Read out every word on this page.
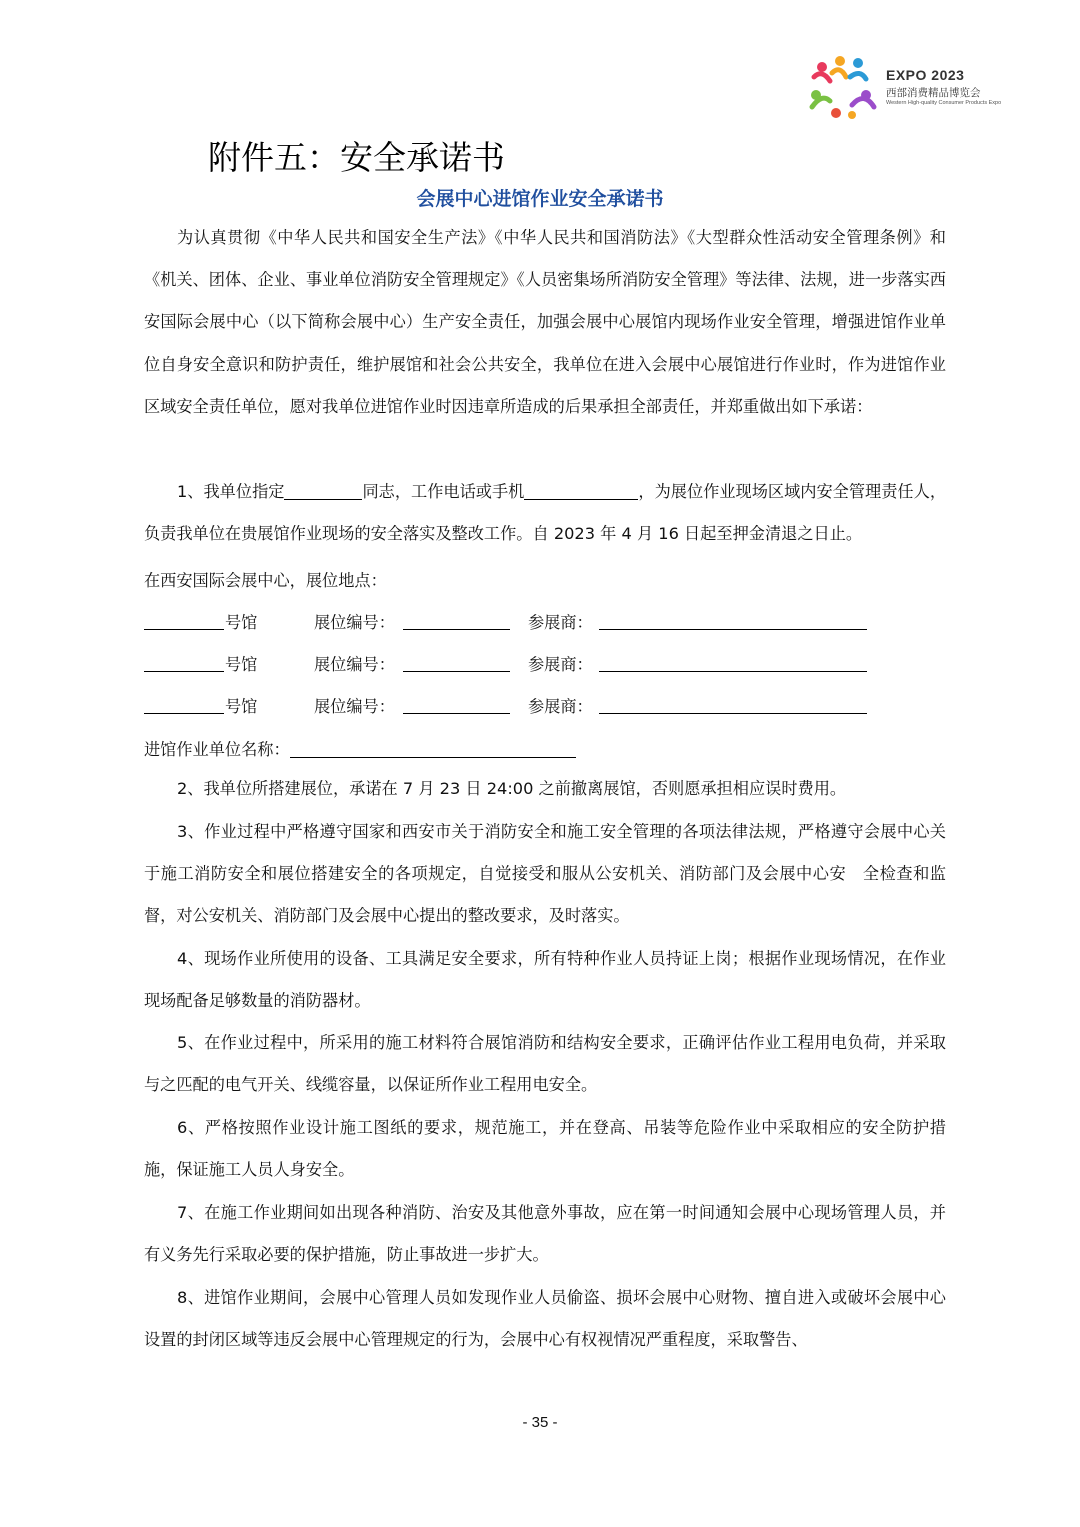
EXPO 2023
西部消费精品博览会
Western High-quality Consumer Products Expo
附件五：安全承诺书
会展中心进馆作业安全承诺书

为认真贯彻《中华人民共和国安全生产法》《中华人民共和国消防法》《大型群众性活动安全管理条例》和《机关、团体、企业、事业单位消防安全管理规定》《人员密集场所消防安全管理》等法律、法规，进一步落实西安国际会展中心（以下简称会展中心）生产安全责任，加强会展中心展馆内现场作业安全管理，增强进馆作业单位自身安全意识和防护责任，维护展馆和社会公共安全，我单位在进入会展中心展馆进行作业时，作为进馆作业区域安全责任单位，愿对我单位进馆作业时因违章所造成的后果承担全部责任，并郑重做出如下承诺：

1、我单位指定	同志，工作电话或手机	，为展位作业现场区域内安全管理责任人，负责我单位在贵展馆作业现场的安全落实及整改工作。自 2023 年 4 月 16 日起至押金清退之日止。

在西安国际会展中心，展位地点：
号馆	展位编号：	参展商：
号馆	展位编号：	参展商：
号馆	展位编号：	参展商：
进馆作业单位名称：

2、我单位所搭建展位，承诺在 7 月 23 日 24:00 之前撤离展馆，否则愿承担相应误时费用。

3、作业过程中严格遵守国家和西安市关于消防安全和施工安全管理的各项法律法规，严格遵守会展中心关于施工消防安全和展位搭建安全的各项规定，自觉接受和服从公安机关、消防部门及会展中心安　全检查和监督，对公安机关、消防部门及会展中心提出的整改要求，及时落实。

4、现场作业所使用的设备、工具满足安全要求，所有特种作业人员持证上岗；根据作业现场情况，在作业现场配备足够数量的消防器材。

5、在作业过程中，所采用的施工材料符合展馆消防和结构安全要求，正确评估作业工程用电负荷，并采取与之匹配的电气开关、线缆容量，以保证所作业工程用电安全。

6、严格按照作业设计施工图纸的要求，规范施工，并在登高、吊装等危险作业中采取相应的安全防护措施，保证施工人员人身安全。

7、在施工作业期间如出现各种消防、治安及其他意外事故，应在第一时间通知会展中心现场管理人员，并有义务先行采取必要的保护措施，防止事故进一步扩大。

8、进馆作业期间，会展中心管理人员如发现作业人员偷盗、损坏会展中心财物、擅自进入或破坏会展中心设置的封闭区域等违反会展中心管理规定的行为，会展中心有权视情况严重程度，采取警告、

- 35 -
